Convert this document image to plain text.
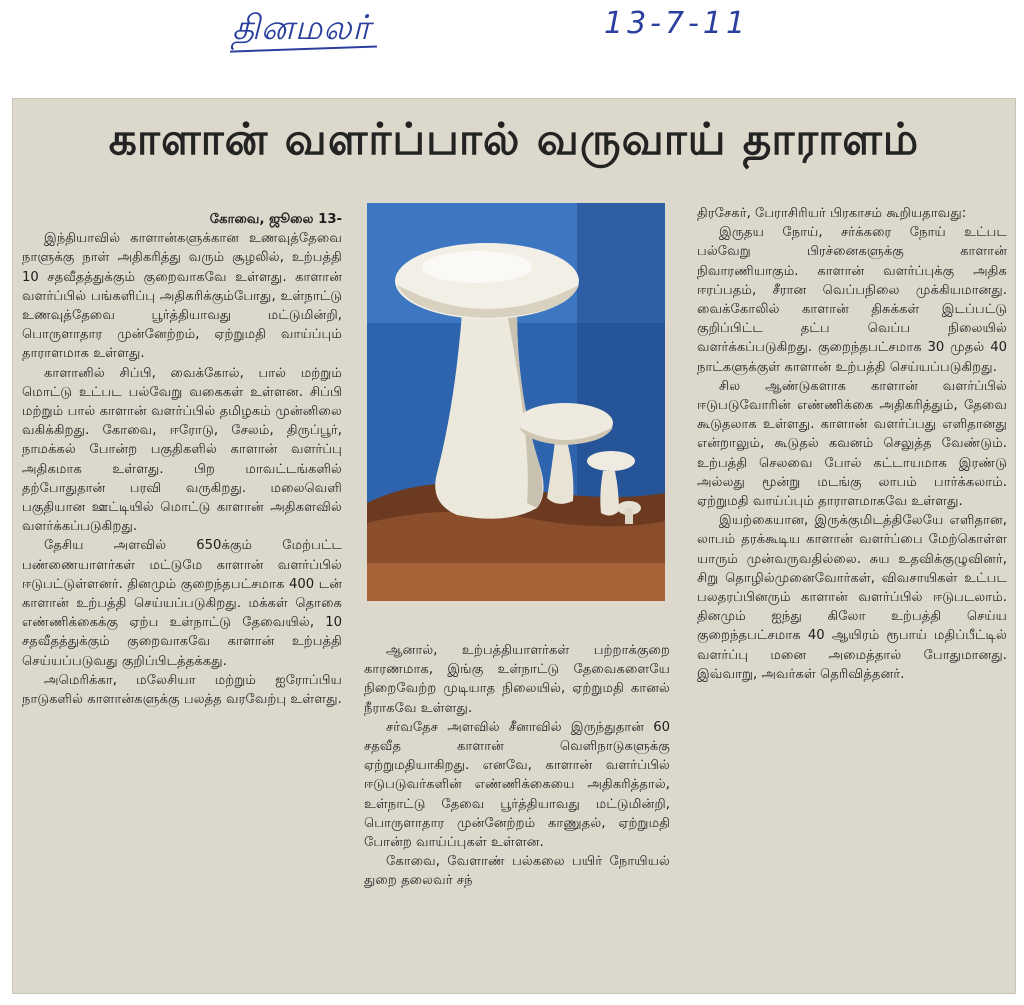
தினமலர்	13-7-11
காளான் வளர்ப்பால் வருவாய் தாராளம்

கோவை, ஜூலை 13-

இந்தியாவில் காளான்களுக்கான உணவுத்தேவை நாளுக்கு நாள் அதிகரித்து வரும் சூழலில், உற்பத்தி 10 சதவீதத்துக்கும் குறைவாகவே உள்ளது. காளான் வளர்ப்பில் பங்களிப்பு அதிகரிக்கும்போது, உள்நாட்டு உணவுத்தேவை பூர்த்தியாவது மட்டுமின்றி, பொருளாதார முன்னேற்றம், ஏற்றுமதி வாய்ப்பும் தாராளமாக உள்ளது.

காளானில் சிப்பி, வைக்கோல், பால் மற்றும் மொட்டு உட்பட பல்வேறு வகைகள் உள்ளன. சிப்பி மற்றும் பால் காளான் வளர்ப்பில் தமிழகம் முன்னிலை வகிக்கிறது. கோவை, ஈரோடு, சேலம், திருப்பூர், நாமக்கல் போன்ற பகுதிகளில் காளான் வளர்ப்பு அதிகமாக உள்ளது. பிற மாவட்டங்களில் தற்போதுதான் பரவி வருகிறது. மலைவெளி பகுதியான ஊட்டியில் மொட்டு காளான் அதிகளவில் வளர்க்கப்படுகிறது.

தேசிய அளவில் 650க்கும் மேற்பட்ட பண்ணையாளர்கள் மட்டுமே காளான் வளர்ப்பில் ஈடுபட்டுள்ளனர். தினமும் குறைந்தபட்சமாக 400 டன் காளான் உற்பத்தி செய்யப்படுகிறது. மக்கள் தொகை எண்ணிக்கைக்கு ஏற்ப உள்நாட்டு தேவையில், 10 சதவீதத்துக்கும் குறைவாகவே காளான் உற்பத்தி செய்யப்படுவது குறிப்பிடத்தக்கது.

அமெரிக்கா, மலேசியா மற்றும் ஐரோப்பிய நாடுகளில் காளான்களுக்கு பலத்த வரவேற்பு உள்ளது.

ஆனால், உற்பத்தியாளர்கள் பற்றாக்குறை காரணமாக, இங்கு உள்நாட்டு தேவைகளையே நிறைவேற்ற முடியாத நிலையில், ஏற்றுமதி கானல் நீராகவே உள்ளது.

சர்வதேச அளவில் சீனாவில் இருந்துதான் 60 சதவீத காளான் வெளிநாடுகளுக்கு ஏற்றுமதியாகிறது. எனவே, காளான் வளர்ப்பில் ஈடுபடுவர்களின் எண்ணிக்கையை அதிகரித்தால், உள்நாட்டு தேவை பூர்த்தியாவது மட்டுமின்றி, பொருளாதார முன்னேற்றம் காணுதல், ஏற்றுமதி போன்ற வாய்ப்புகள் உள்ளன.

கோவை, வேளாண் பல்கலை பயிர் நோயியல் துறை தலைவர் சந்

திரசேகர், பேராசிரியர் பிரகாசம் கூறியதாவது:

இருதய நோய், சர்க்கரை நோய் உட்பட பல்வேறு பிரச்னைகளுக்கு காளான் நிவாரணியாகும். காளான் வளர்ப்புக்கு அதிக ஈரப்பதம், சீரான வெப்பநிலை முக்கியமானது. வைக்கோலில் காளான் திசுக்கள் இடப்பட்டு குறிப்பிட்ட தட்ப வெப்ப நிலையில் வளர்க்கப்படுகிறது. குறைந்தபட்சமாக 30 முதல் 40 நாட்களுக்குள் காளான் உற்பத்தி செய்யப்படுகிறது.

சில ஆண்டுகளாக காளான் வளர்ப்பில் ஈடுபடுவோரின் எண்ணிக்கை அதிகரித்தும், தேவை கூடுதலாக உள்ளது. காளான் வளர்ப்பது எளிதானது என்றாலும், கூடுதல் கவனம் செலுத்த வேண்டும். உற்பத்தி செலவை போல் கட்டாயமாக இரண்டு அல்லது மூன்று மடங்கு லாபம் பார்க்கலாம். ஏற்றுமதி வாய்ப்பும் தாராளமாகவே உள்ளது.

இயற்கையான, இருக்குமிடத்திலேயே எளிதான, லாபம் தரக்கூடிய காளான் வளர்ப்பை மேற்கொள்ள யாரும் முன்வருவதில்லை. சுய உதவிக்குழுவினர், சிறு தொழில்முனைவோர்கள், விவசாயிகள் உட்பட பலதரப்பினரும் காளான் வளர்ப்பில் ஈடுபடலாம். தினமும் ஐந்து கிலோ உற்பத்தி செய்ய குறைந்தபட்சமாக 40 ஆயிரம் ரூபாய் மதிப்பீட்டில் வளர்ப்பு மனை அமைத்தால் போதுமானது. இவ்வாறு, அவர்கள் தெரிவித்தனர்.
